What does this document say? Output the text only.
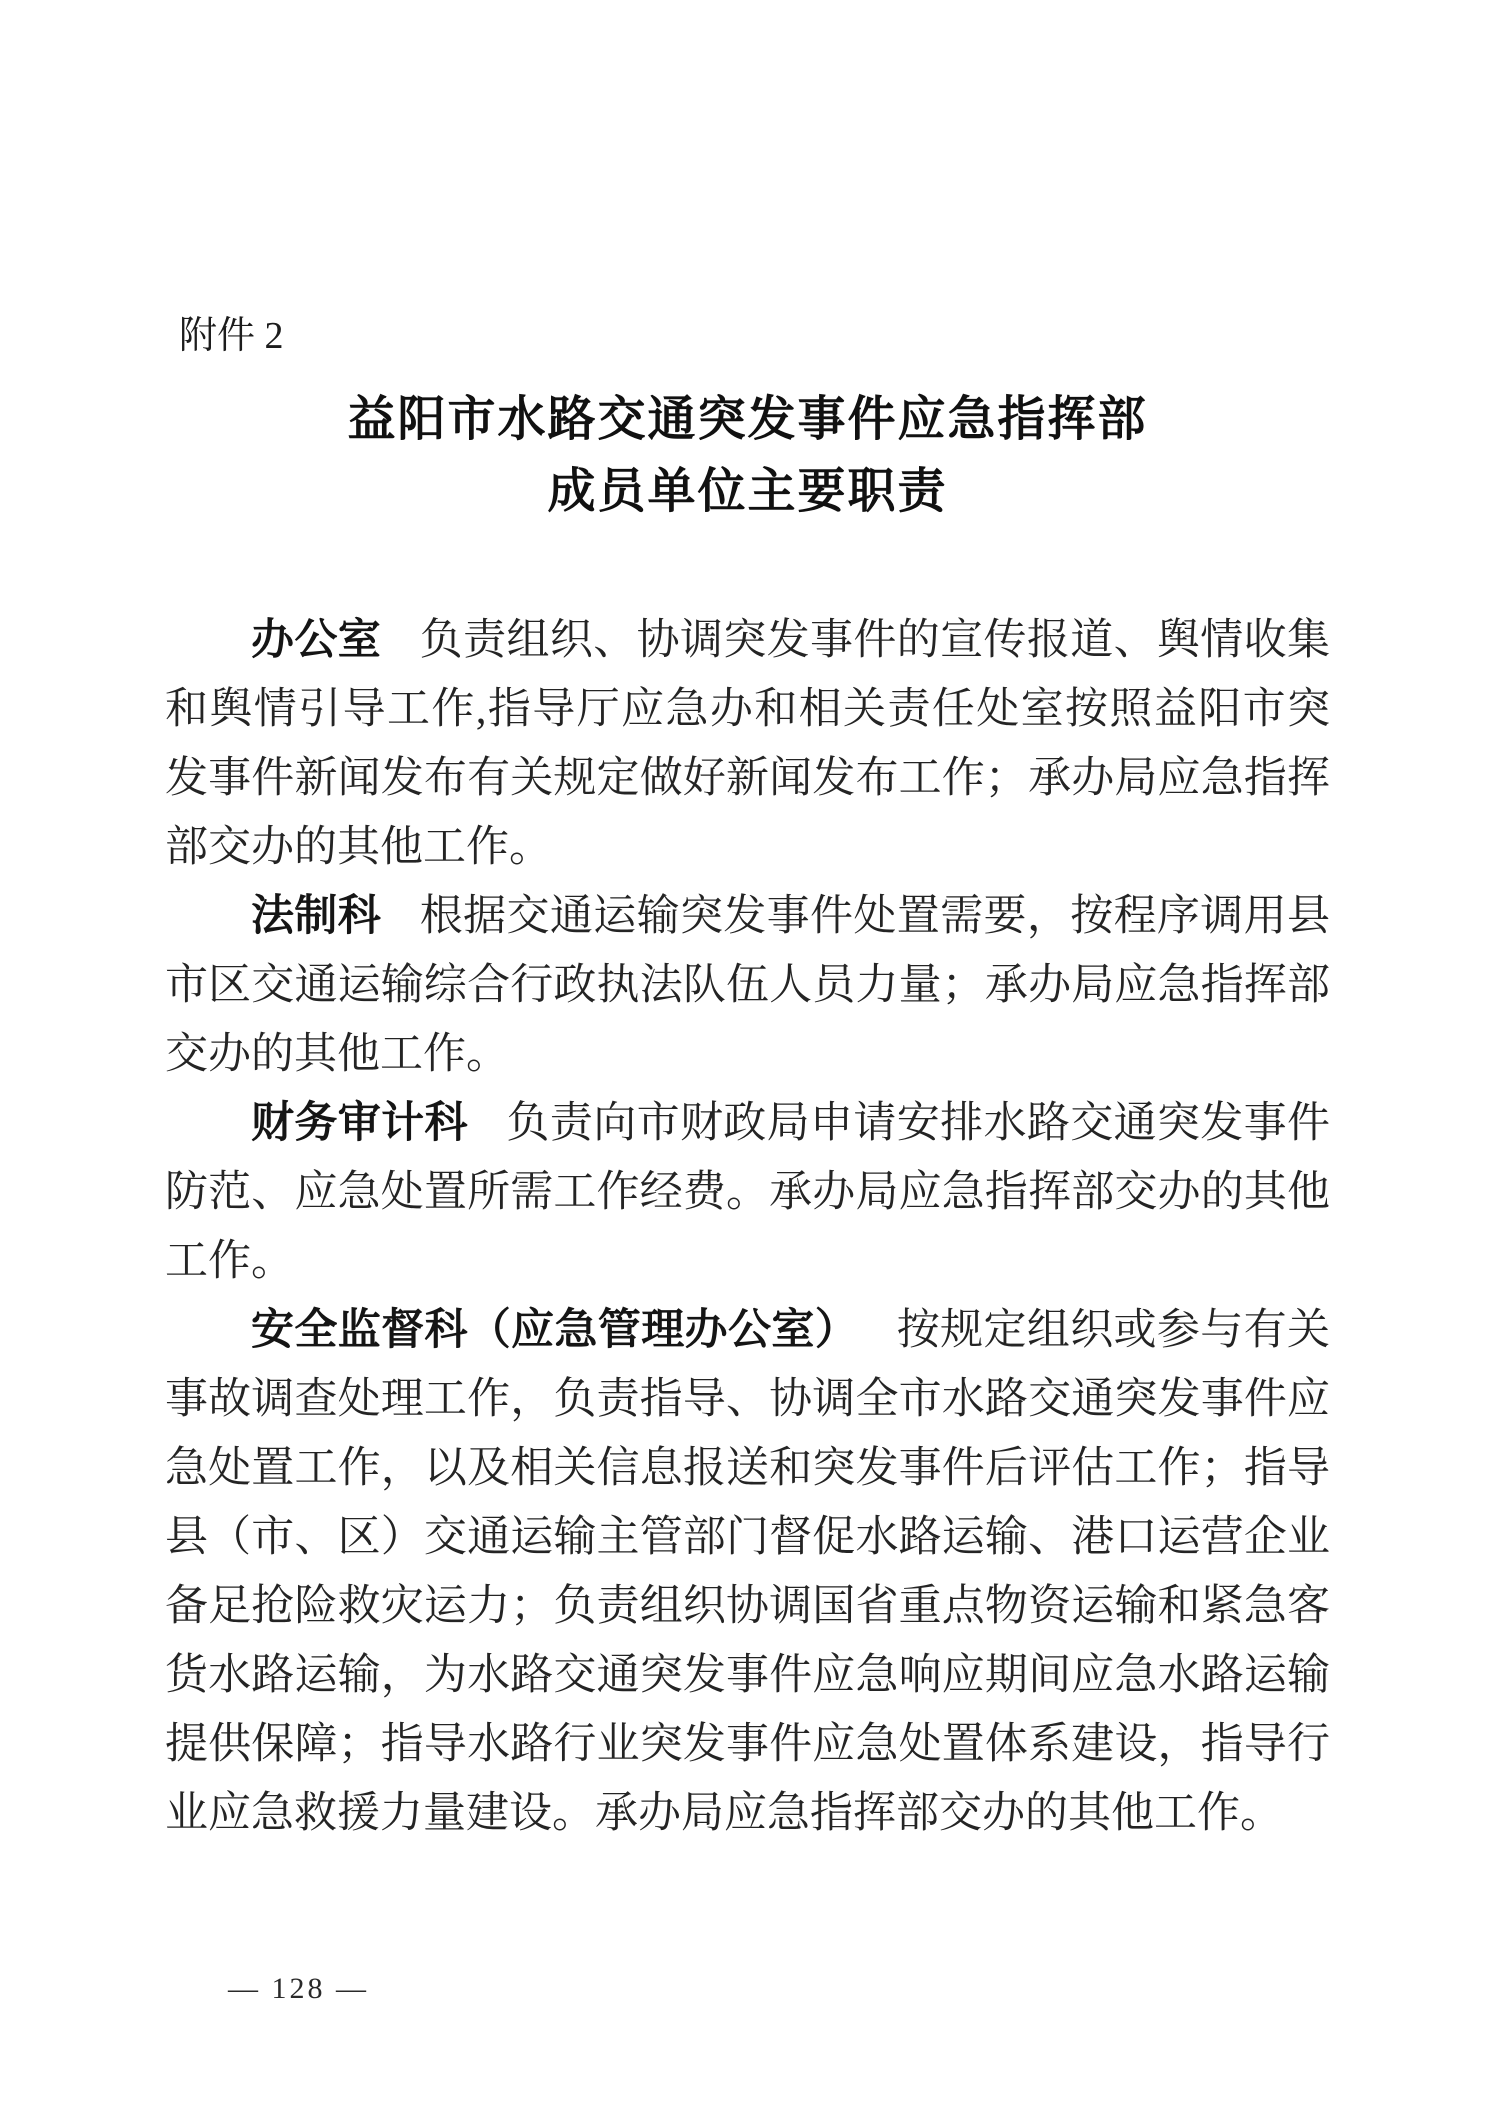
附件 2
益阳市水路交通突发事件应急指挥部
成员单位主要职责

办公室 负责组织、协调突发事件的宣传报道、舆情收集和舆情引导工作,指导厅应急办和相关责任处室按照益阳市突发事件新闻发布有关规定做好新闻发布工作；承办局应急指挥部交办的其他工作。

法制科 根据交通运输突发事件处置需要，按程序调用县市区交通运输综合行政执法队伍人员力量；承办局应急指挥部交办的其他工作。

财务审计科 负责向市财政局申请安排水路交通突发事件防范、应急处置所需工作经费。承办局应急指挥部交办的其他工作。

安全监督科（应急管理办公室） 按规定组织或参与有关事故调查处理工作，负责指导、协调全市水路交通突发事件应急处置工作，以及相关信息报送和突发事件后评估工作；指导县（市、区）交通运输主管部门督促水路运输、港口运营企业备足抢险救灾运力；负责组织协调国省重点物资运输和紧急客货水路运输，为水路交通突发事件应急响应期间应急水路运输提供保障；指导水路行业突发事件应急处置体系建设，指导行业应急救援力量建设。承办局应急指挥部交办的其他工作。

— 128 —
